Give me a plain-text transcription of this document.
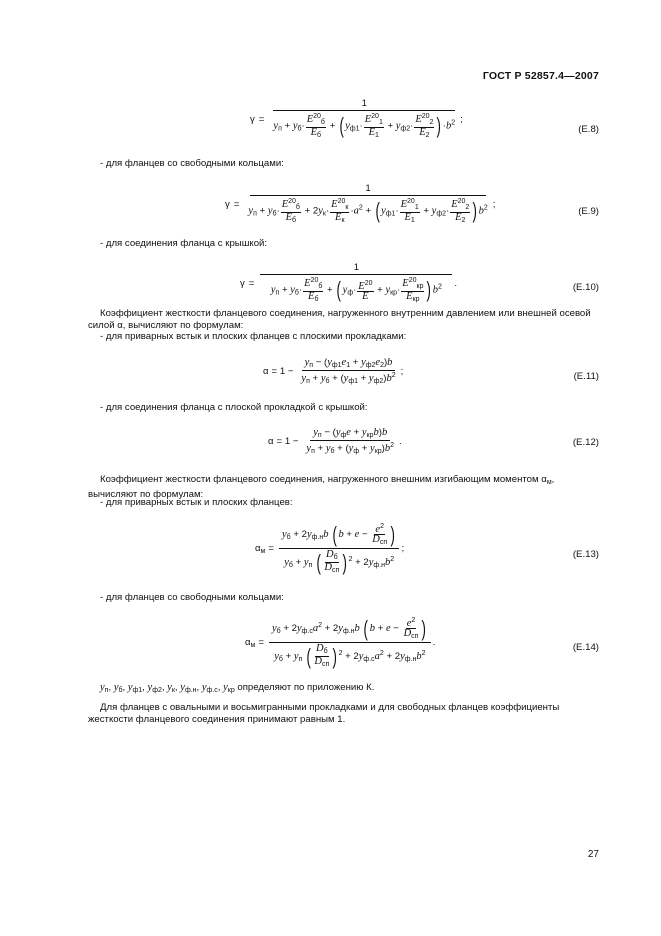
ГОСТ Р 52857.4—2007
$\gamma = \frac{1}{y_п + y_б\cdot \frac{E^{20}_б}{E_б} + (y_{ф1}\cdot \frac{E^{20}_1}{E_1} + y_{ф2}\cdot \frac{E^{20}_2}{E_2} )\cdot b^2}$ ;
(Е.8)
- для фланцев со свободными кольцами:
$\gamma = \frac{1}{y_п + y_б\cdot \frac{E^{20}_б}{E_б} + 2y_к\cdot \frac{E^{20}_к}{E_к} \cdot a^2 + (y_{ф1}\cdot \frac{E^{20}_1}{E_1} + y_{ф2}\cdot \frac{E^{20}_2}{E_2} )b^2}$ ;
(Е.9)
- для соединения фланца с крышкой:
$\gamma = \frac{1}{y_п + y_б\cdot \frac{E^{20}_б}{E_б} + (y_ф\cdot \frac{E^{20}}{E} + y_{кр}\cdot \frac{E^{20}_{кр}}{E_{кр}} )b^2}$ .	(Е.10)
Коэффициент жесткости фланцевого соединения, нагруженного внутренним давлением или внешней осевой силой α, вычисляют по формулам:
- для приварных встык и плоских фланцев с плоскими прокладками:
$\alpha = 1 - \frac{y_п - (y_{ф1}e_1 + y_{ф2}e_2)b}{y_п + y_б + (y_{ф1} + y_{ф2})b^2}$ ;	(Е.11)
- для соединения фланца с плоской прокладкой с крышкой:
$\alpha = 1 - \frac{y_п - (y_фe + y_{кр}b)b}{y_п + y_б + (y_ф + y_{кр})b^2}$ .	(Е.12)
Коэффициент жесткости фланцевого соединения, нагруженного внешним изгибающим моментом $\alpha_м$, вычисляют по формулам:
- для приварных встык и плоских фланцев:
$\alpha_м = \frac{y_б + 2y_{ф.н}b (b + e - \frac{e^2}{D_{сп}} )}{y_б + y_п ( \frac{D_б}{D_{сп}} )^2 + 2y_{ф.н}b^2}$ ;
(Е.13)
- для фланцев со свободными кольцами:
$\alpha_м = \frac{y_б + 2y_{ф.с}a^2 + 2y_{ф.н}b (b + e - \frac{e^2}{D_{сп}} )}{y_б + y_п ( \frac{D_б}{D_{сп}} )^2 + 2y_{ф.с}a^2 + 2y_{ф.н}b^2}$ .	(Е.14)
$y_п$, $y_б$, $y_{ф1}$, $y_{ф2}$, $y_к$, $y_{ф.н}$, $y_{ф.с}$, $y_{кр}$ определяют по приложению К.
Для фланцев с овальными и восьмигранными прокладками и для свободных фланцев коэффициенты жесткости фланцевого соединения принимают равным 1.
27
